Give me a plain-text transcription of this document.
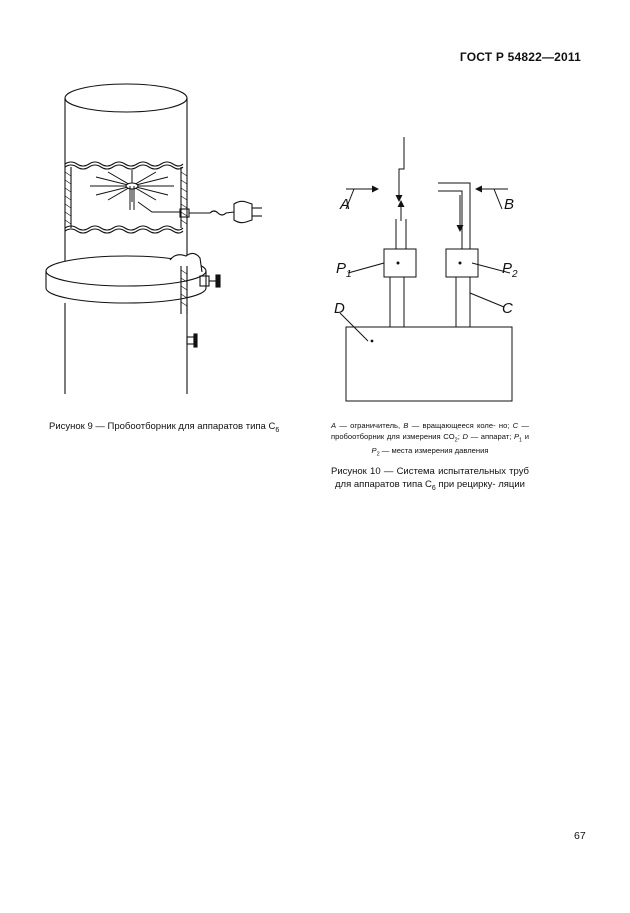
ГОСТ Р 54822—2011
Рисунок 9 — Пробоотборник для аппаратов типа $C_6$
A	B
P 1	P 2
C
D
A — ограничитель, B — вращающееся коле- но; C — пробоотборник для измерения $CO_2$; D — аппарат; $P_1$ и $P_2$ — места измерения давления
Рисунок 10 — Система испытательных труб для аппаратов типа $C_6$ при рецирку- ляции
67
